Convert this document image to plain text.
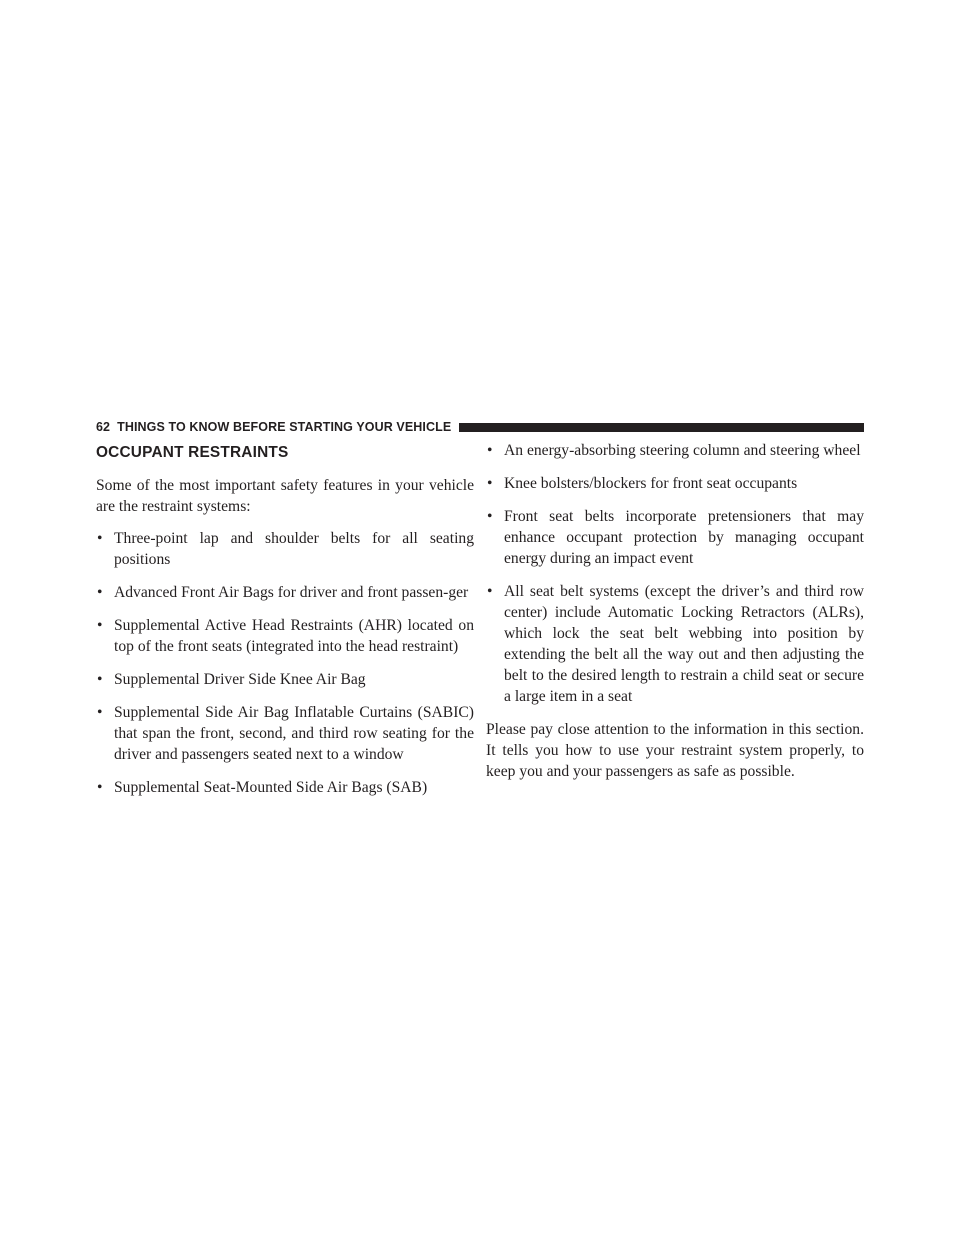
62 THINGS TO KNOW BEFORE STARTING YOUR VEHICLE
OCCUPANT RESTRAINTS

Some of the most important safety features in your vehicle are the restraint systems:

• Three-point lap and shoulder belts for all seating positions
• Advanced Front Air Bags for driver and front passen-ger
• Supplemental Active Head Restraints (AHR) located on top of the front seats (integrated into the head restraint)
• Supplemental Driver Side Knee Air Bag
• Supplemental Side Air Bag Inflatable Curtains (SABIC) that span the front, second, and third row seating for the driver and passengers seated next to a window
• Supplemental Seat-Mounted Side Air Bags (SAB)
• An energy-absorbing steering column and steering wheel
• Knee bolsters/blockers for front seat occupants
• Front seat belts incorporate pretensioners that may enhance occupant protection by managing occupant energy during an impact event
• All seat belt systems (except the driver’s and third row center) include Automatic Locking Retractors (ALRs), which lock the seat belt webbing into position by extending the belt all the way out and then adjusting the belt to the desired length to restrain a child seat or secure a large item in a seat

Please pay close attention to the information in this section. It tells you how to use your restraint system properly, to keep you and your passengers as safe as possible.
